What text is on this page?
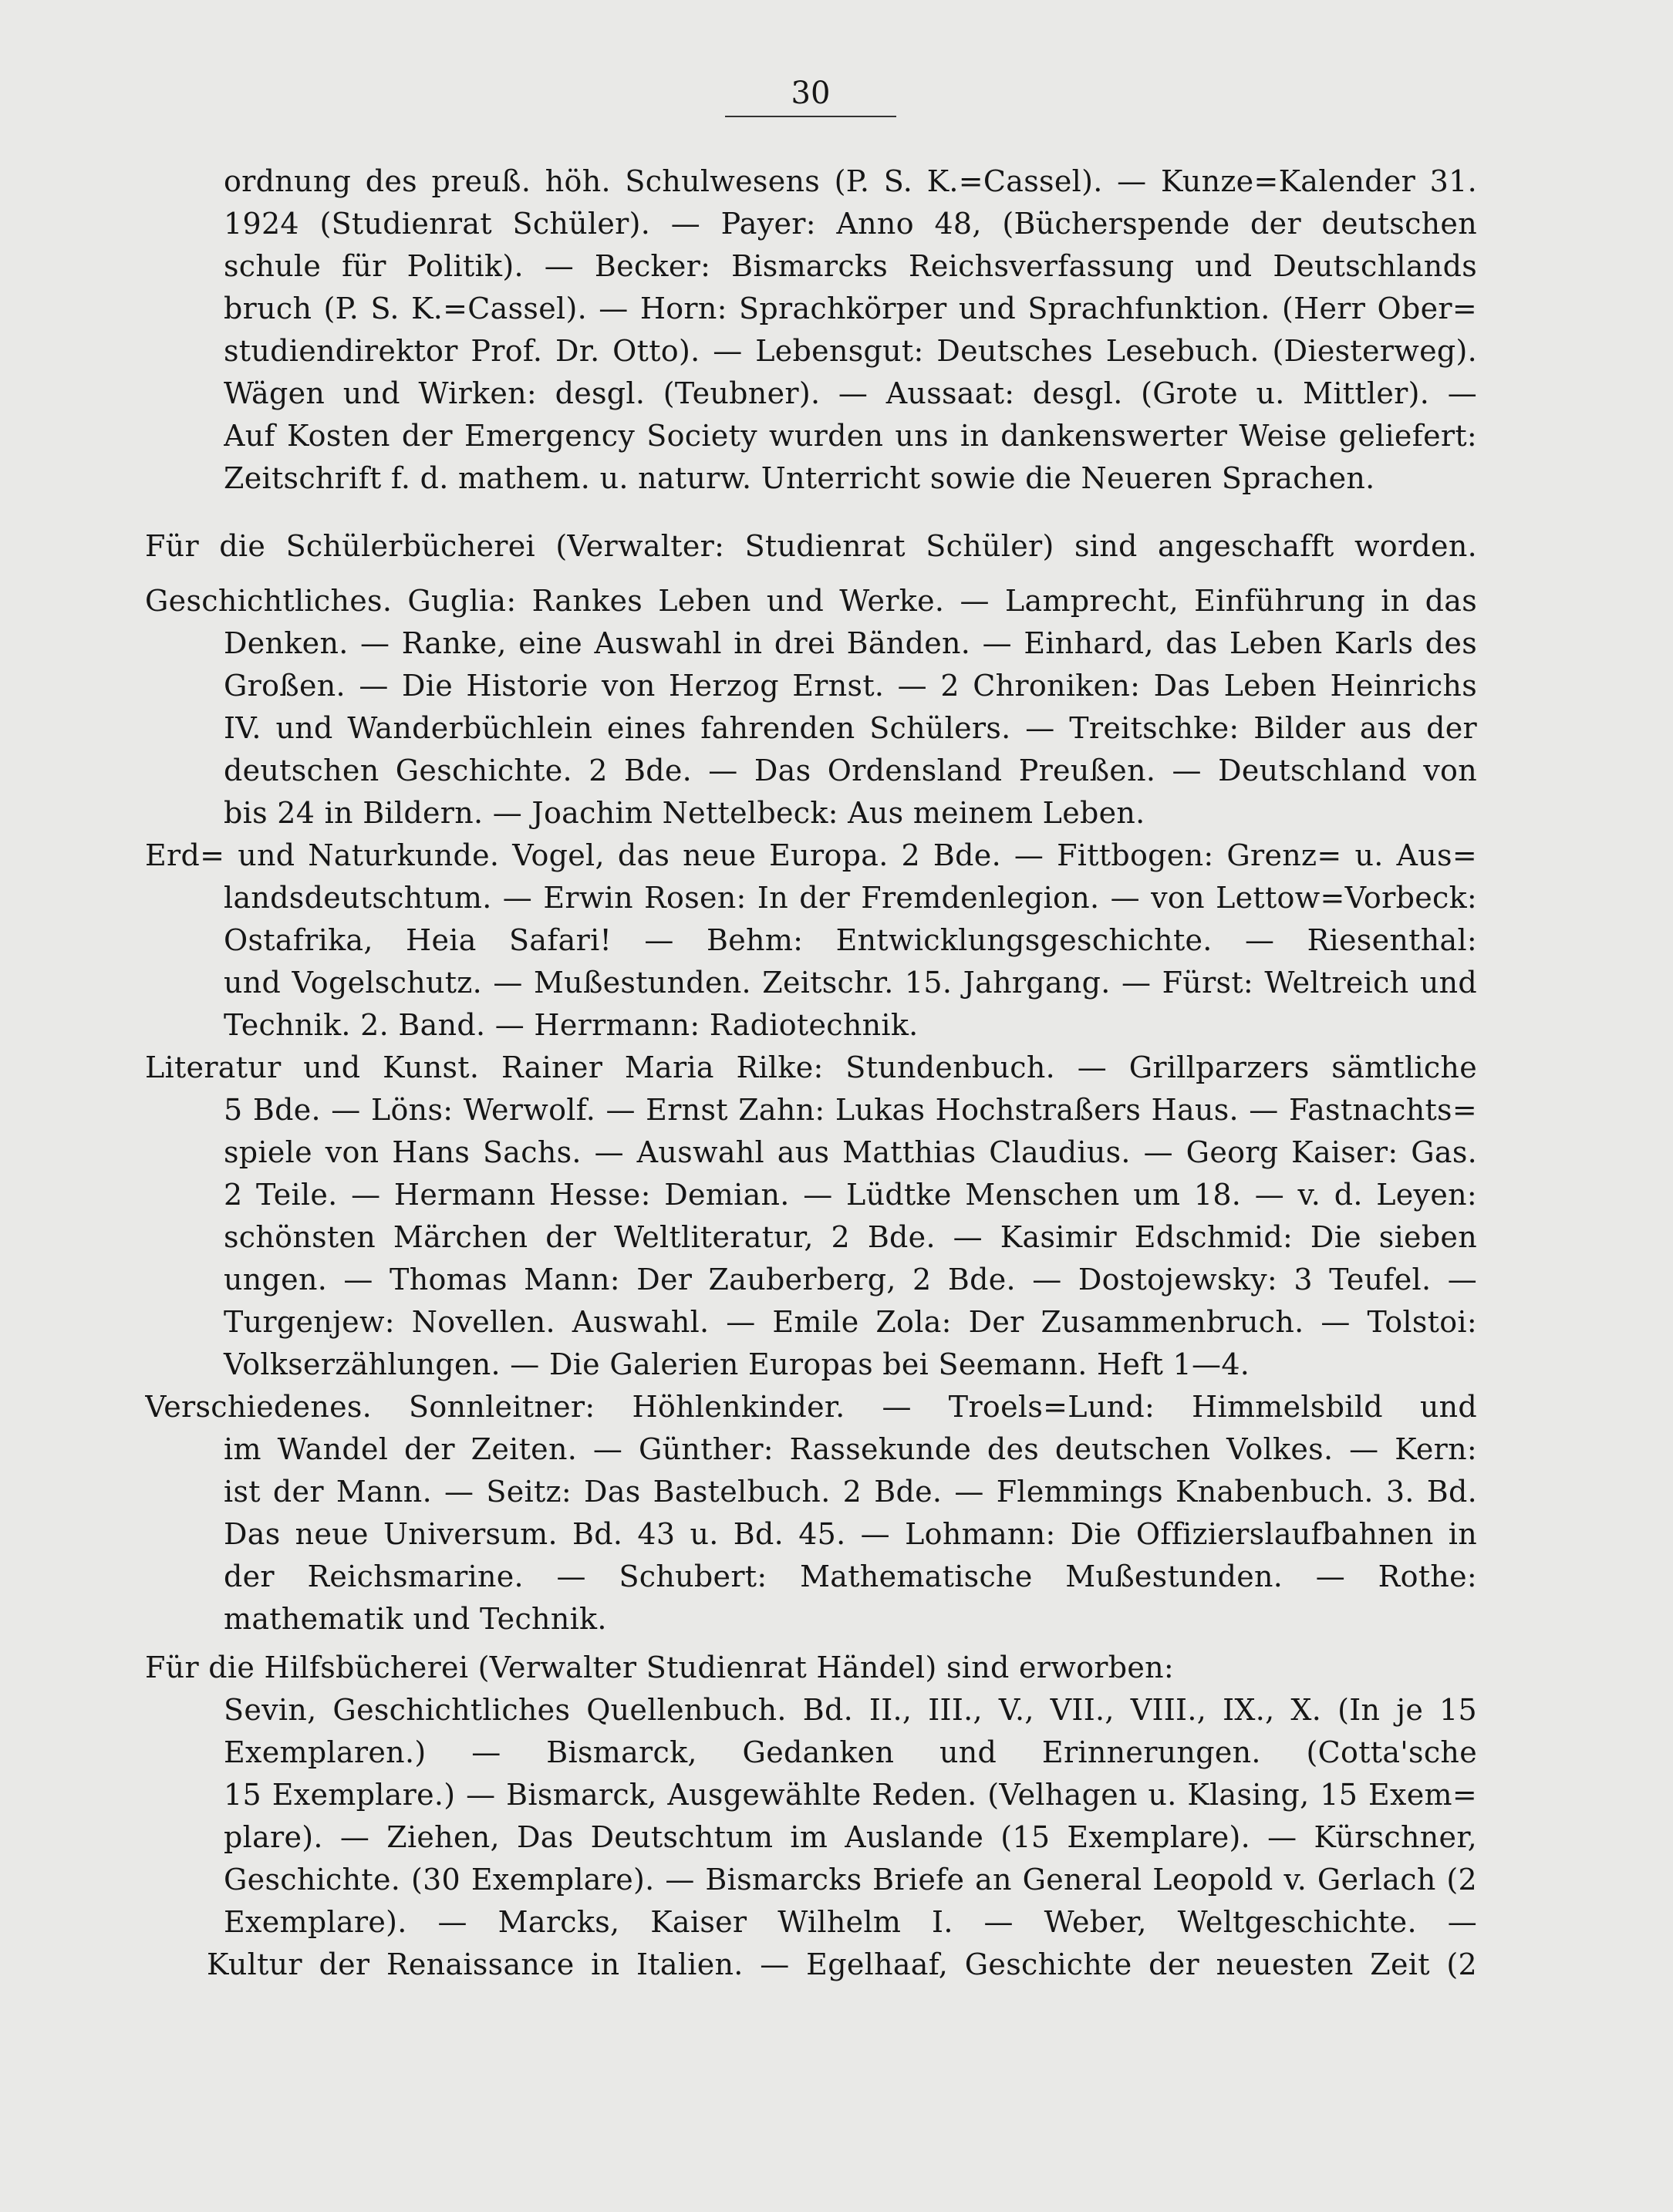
30
ordnung des preuß. höh. Schulwesens (P. S. K.=Cassel). — Kunze=Kalender 31.
1924 (Studienrat Schüler). — Payer: Anno 48, (Bücherspende der deutschen
schule für Politik). — Becker: Bismarcks Reichsverfassung und Deutschlands
bruch (P. S. K.=Cassel). — Horn: Sprachkörper und Sprachfunktion. (Herr Ober=
studiendirektor Prof. Dr. Otto). — Lebensgut: Deutsches Lesebuch. (Diesterweg).
Wägen und Wirken: desgl. (Teubner). — Aussaat: desgl. (Grote u. Mittler). —
Auf Kosten der Emergency Society wurden uns in dankenswerter Weise geliefert:
Zeitschrift f. d. mathem. u. naturw. Unterricht sowie die Neueren Sprachen.
Für die Schülerbücherei (Verwalter: Studienrat Schüler) sind angeschafft worden.
Geschichtliches. Guglia: Rankes Leben und Werke. — Lamprecht, Einführung in das
Denken. — Ranke, eine Auswahl in drei Bänden. — Einhard, das Leben Karls des
Großen. — Die Historie von Herzog Ernst. — 2 Chroniken: Das Leben Heinrichs
IV. und Wanderbüchlein eines fahrenden Schülers. — Treitschke: Bilder aus der
deutschen Geschichte. 2 Bde. — Das Ordensland Preußen. — Deutschland von
bis 24 in Bildern. — Joachim Nettelbeck: Aus meinem Leben.
Erd= und Naturkunde. Vogel, das neue Europa. 2 Bde. — Fittbogen: Grenz= u. Aus=
landsdeutschtum. — Erwin Rosen: In der Fremdenlegion. — von Lettow=Vorbeck:
Ostafrika, Heia Safari! — Behm: Entwicklungsgeschichte. — Riesenthal:
und Vogelschutz. — Mußestunden. Zeitschr. 15. Jahrgang. — Fürst: Weltreich und
Technik. 2. Band. — Herrmann: Radiotechnik.
Literatur und Kunst. Rainer Maria Rilke: Stundenbuch. — Grillparzers sämtliche
5 Bde. — Löns: Werwolf. — Ernst Zahn: Lukas Hochstraßers Haus. — Fastnachts=
spiele von Hans Sachs. — Auswahl aus Matthias Claudius. — Georg Kaiser: Gas.
2 Teile. — Hermann Hesse: Demian. — Lüdtke Menschen um 18. — v. d. Leyen:
schönsten Märchen der Weltliteratur, 2 Bde. — Kasimir Edschmid: Die sieben
ungen. — Thomas Mann: Der Zauberberg, 2 Bde. — Dostojewsky: 3 Teufel. —
Turgenjew: Novellen. Auswahl. — Emile Zola: Der Zusammenbruch. — Tolstoi:
Volkserzählungen. — Die Galerien Europas bei Seemann. Heft 1—4.
Verschiedenes. Sonnleitner: Höhlenkinder. — Troels=Lund: Himmelsbild und
im Wandel der Zeiten. — Günther: Rassekunde des deutschen Volkes. — Kern:
ist der Mann. — Seitz: Das Bastelbuch. 2 Bde. — Flemmings Knabenbuch. 3. Bd.
Das neue Universum. Bd. 43 u. Bd. 45. — Lohmann: Die Offizierslaufbahnen in
der Reichsmarine. — Schubert: Mathematische Mußestunden. — Rothe:
mathematik und Technik.
Für die Hilfsbücherei (Verwalter Studienrat Händel) sind erworben:
Sevin, Geschichtliches Quellenbuch. Bd. II., III., V., VII., VIII., IX., X. (In je 15
Exemplaren.) — Bismarck, Gedanken und Erinnerungen. (Cotta'sche
15 Exemplare.) — Bismarck, Ausgewählte Reden. (Velhagen u. Klasing, 15 Exem=
plare). — Ziehen, Das Deutschtum im Auslande (15 Exemplare). — Kürschner,
Geschichte. (30 Exemplare). — Bismarcks Briefe an General Leopold v. Gerlach (2
Exemplare). — Marcks, Kaiser Wilhelm I. — Weber, Weltgeschichte. —
Kultur der Renaissance in Italien. — Egelhaaf, Geschichte der neuesten Zeit (2
